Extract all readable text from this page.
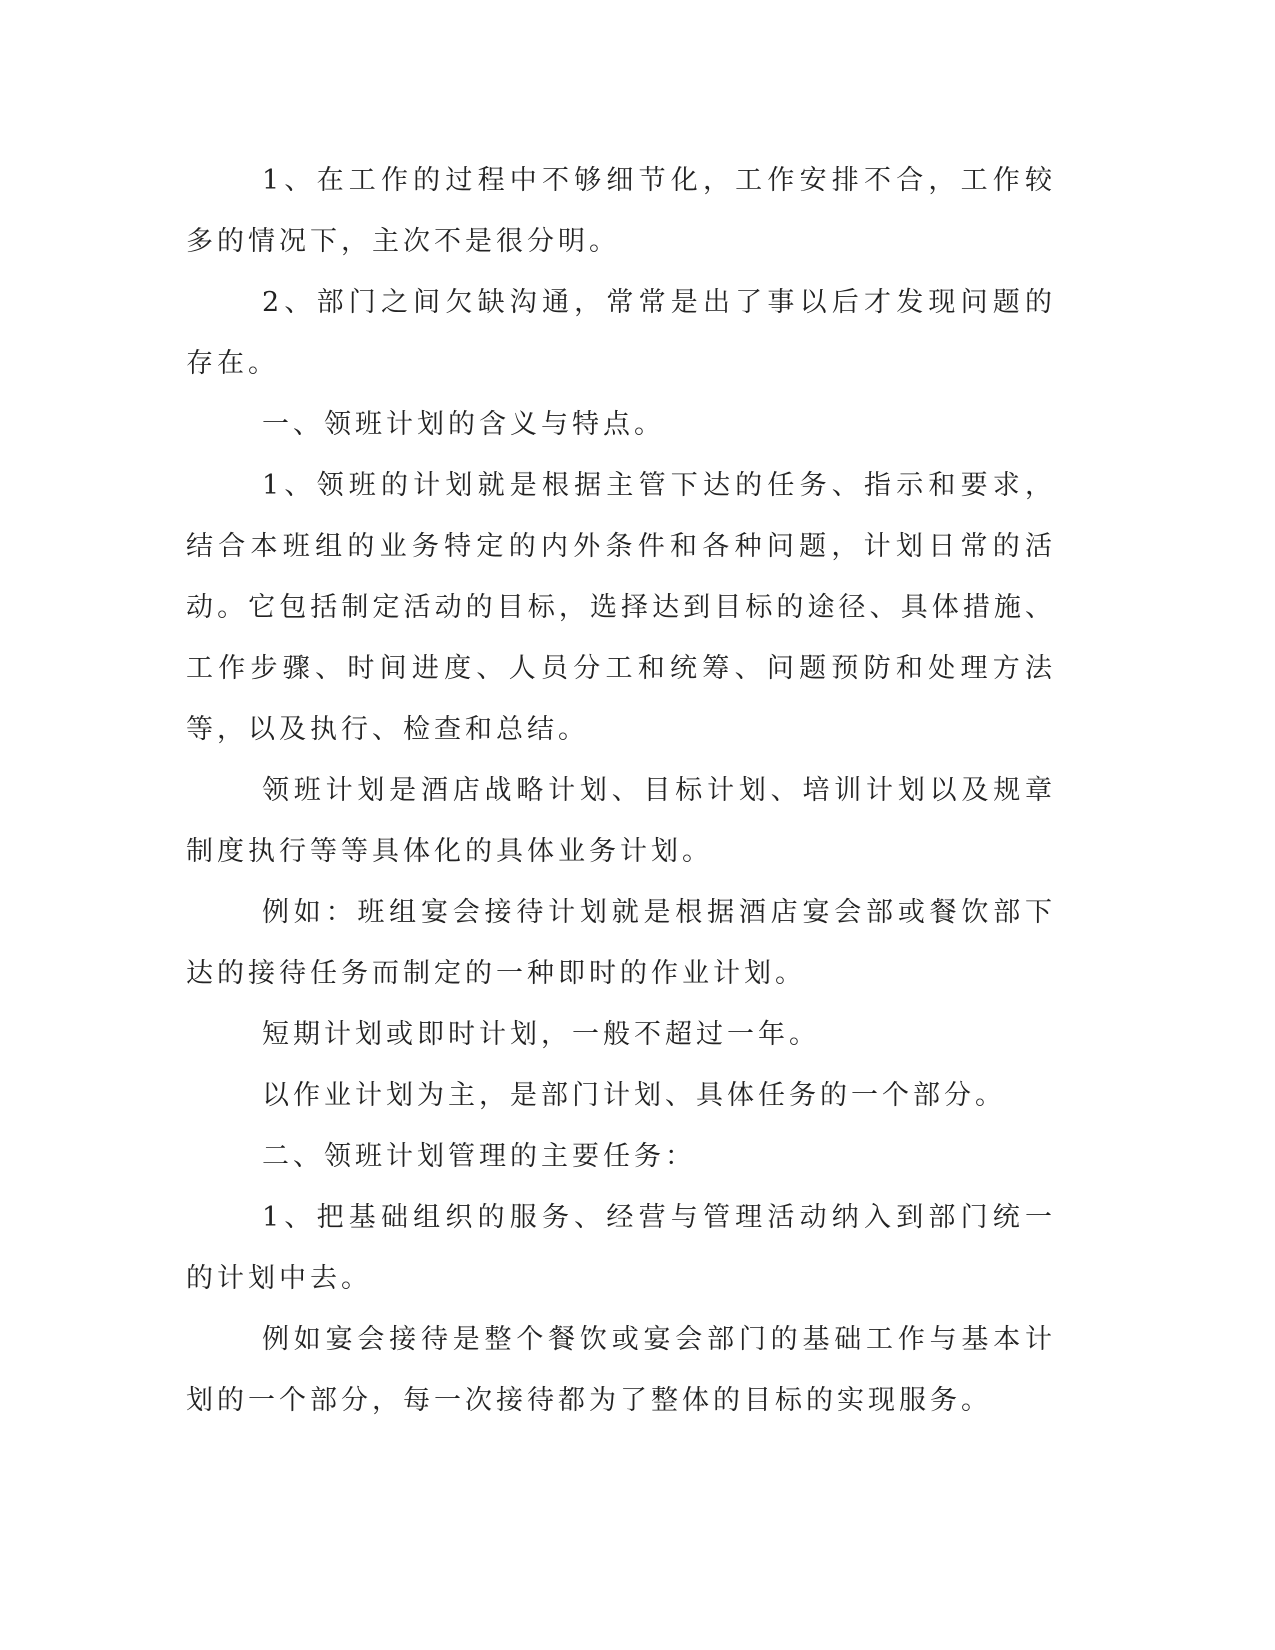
1、在工作的过程中不够细节化，工作安排不合，工作较多的情况下，主次不是很分明。

2、部门之间欠缺沟通，常常是出了事以后才发现问题的存在。

一、领班计划的含义与特点。

1、领班的计划就是根据主管下达的任务、指示和要求，结合本班组的业务特定的内外条件和各种问题，计划日常的活动。它包括制定活动的目标，选择达到目标的途径、具体措施、工作步骤、时间进度、人员分工和统筹、问题预防和处理方法等，以及执行、检查和总结。

领班计划是酒店战略计划、目标计划、培训计划以及规章制度执行等等具体化的具体业务计划。

例如：班组宴会接待计划就是根据酒店宴会部或餐饮部下达的接待任务而制定的一种即时的作业计划。

短期计划或即时计划，一般不超过一年。

以作业计划为主，是部门计划、具体任务的一个部分。

二、领班计划管理的主要任务：

1、把基础组织的服务、经营与管理活动纳入到部门统一的计划中去。

例如宴会接待是整个餐饮或宴会部门的基础工作与基本计划的一个部分，每一次接待都为了整体的目标的实现服务。
